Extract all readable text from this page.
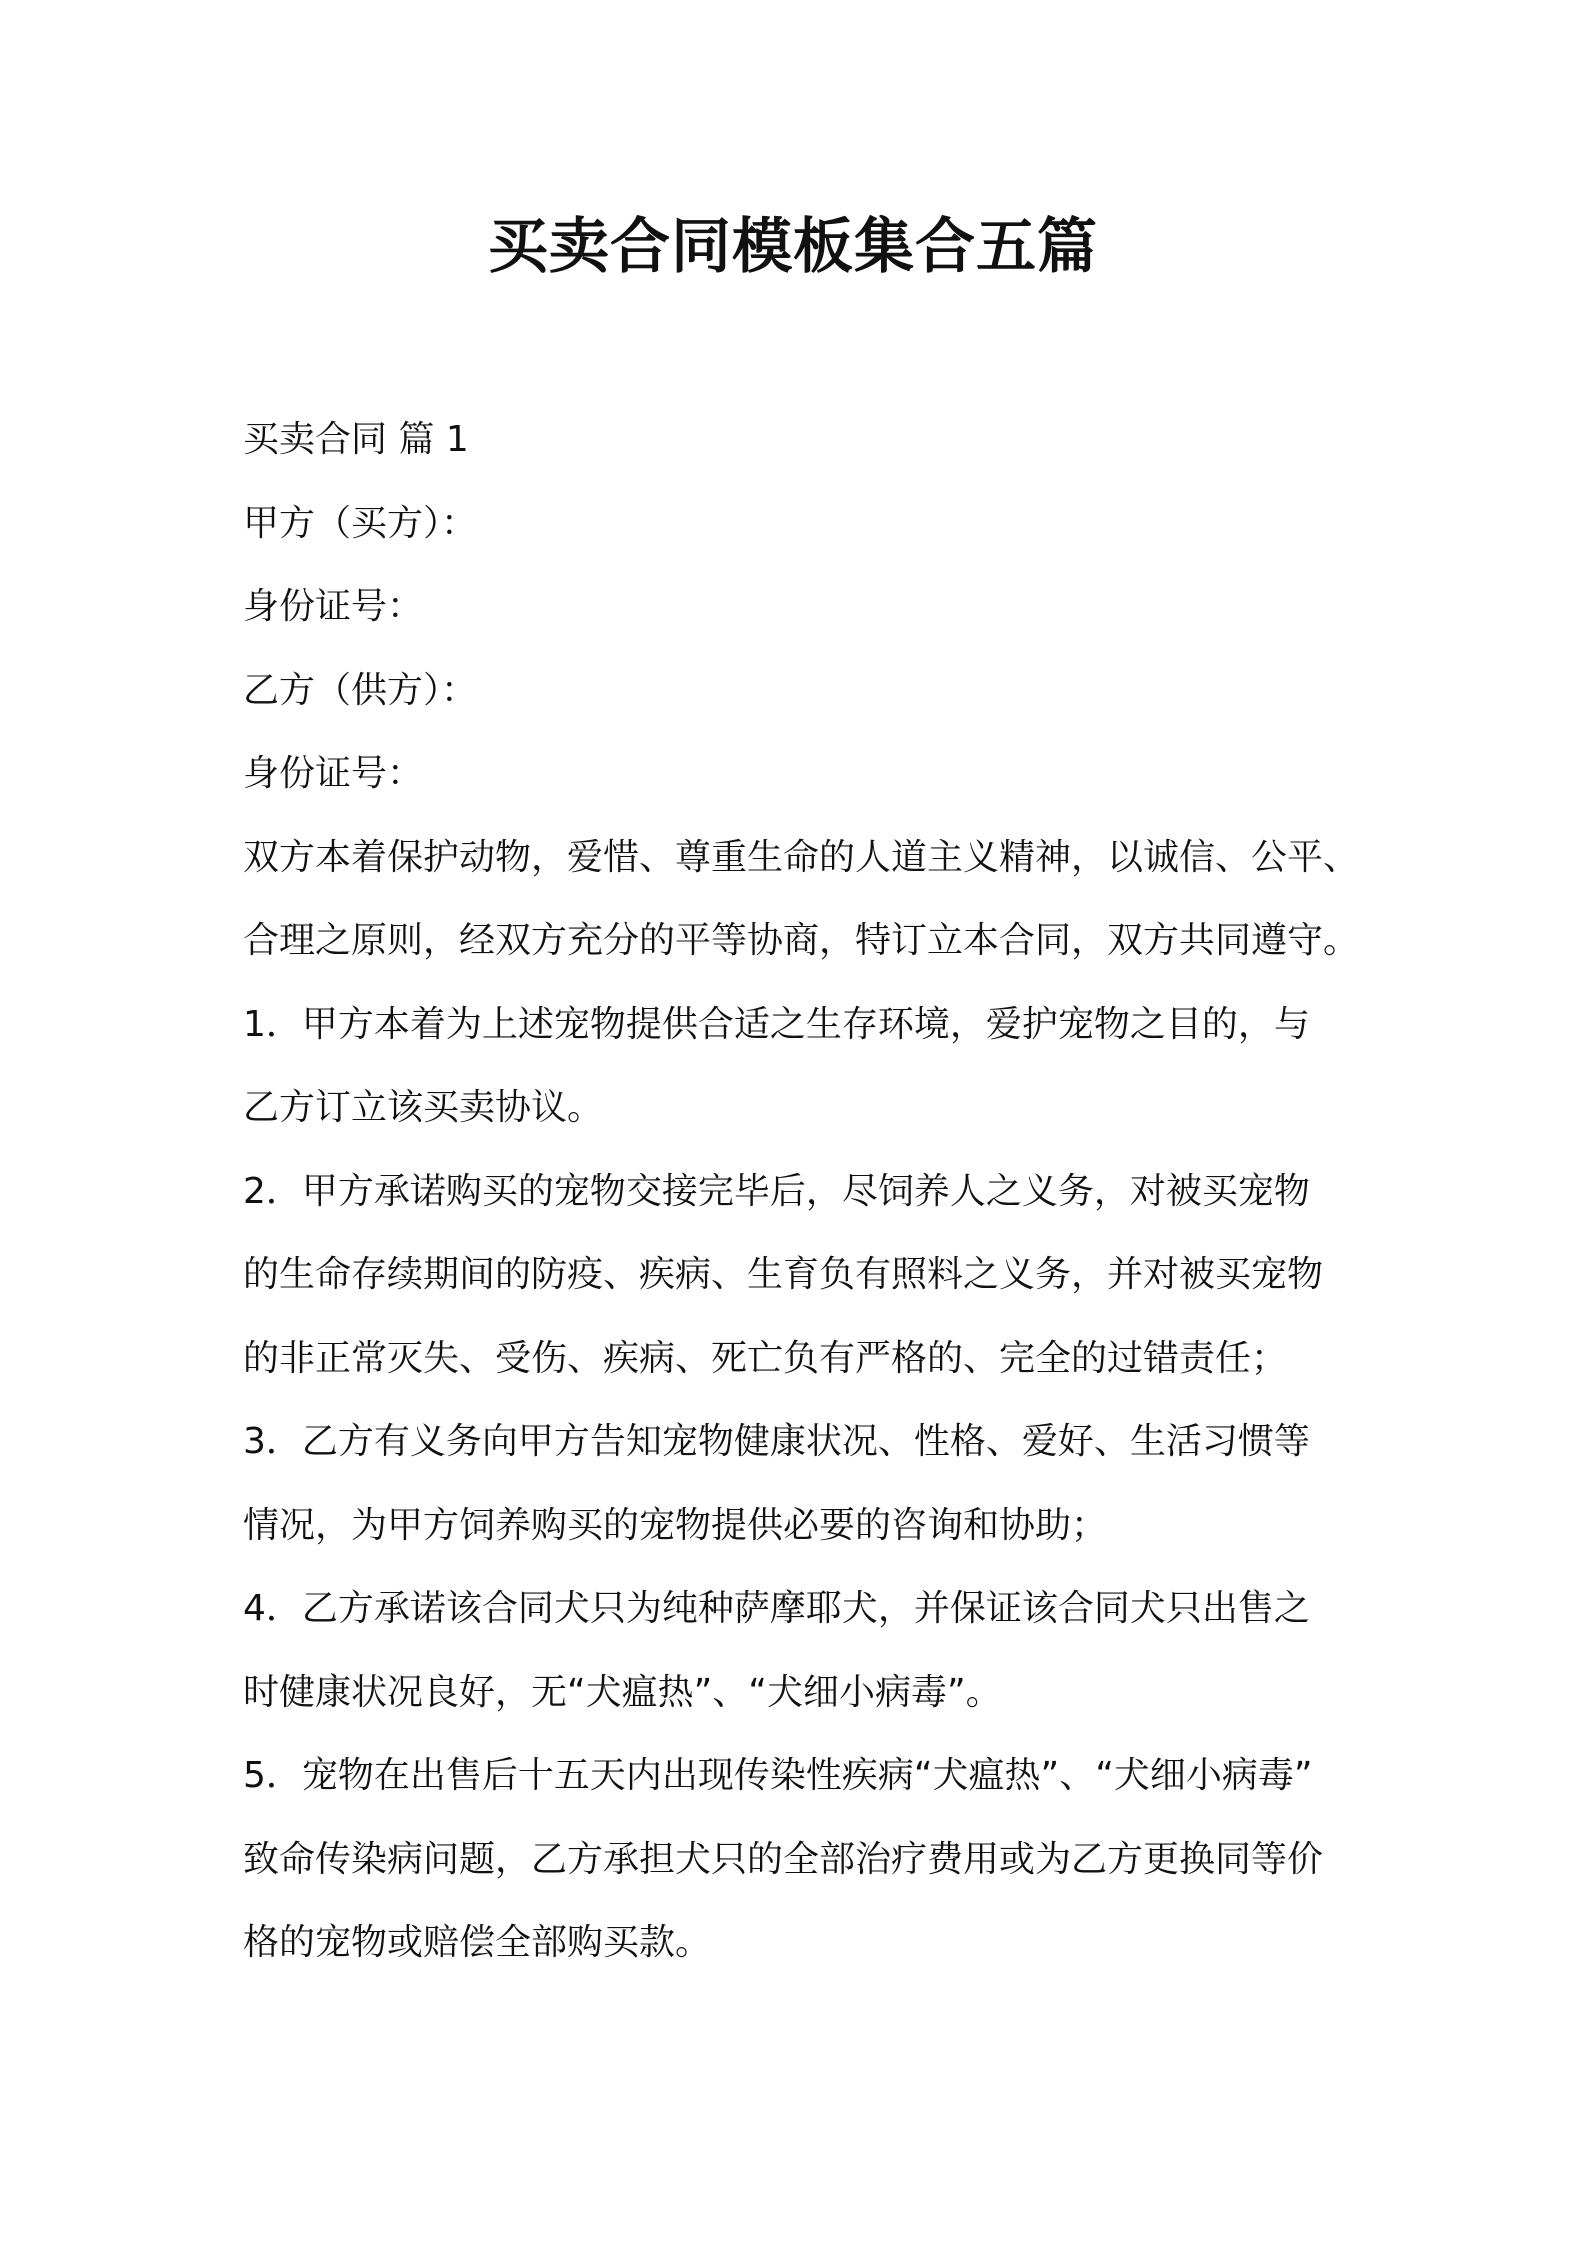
买卖合同模板集合五篇
买卖合同 篇 1
甲方（买方）：
身份证号：
乙方（供方）：
身份证号：
双方本着保护动物，爱惜、尊重生命的人道主义精神，以诚信、公平、
合理之原则，经双方充分的平等协商，特订立本合同，双方共同遵守。
1．甲方本着为上述宠物提供合适之生存环境，爱护宠物之目的，与
乙方订立该买卖协议。
2．甲方承诺购买的宠物交接完毕后，尽饲养人之义务，对被买宠物
的生命存续期间的防疫、疾病、生育负有照料之义务，并对被买宠物
的非正常灭失、受伤、疾病、死亡负有严格的、完全的过错责任；
3．乙方有义务向甲方告知宠物健康状况、性格、爱好、生活习惯等
情况，为甲方饲养购买的宠物提供必要的咨询和协助；
4．乙方承诺该合同犬只为纯种萨摩耶犬，并保证该合同犬只出售之
时健康状况良好，无“犬瘟热”、“犬细小病毒”。
5．宠物在出售后十五天内出现传染性疾病“犬瘟热”、“犬细小病毒”
致命传染病问题，乙方承担犬只的全部治疗费用或为乙方更换同等价
格的宠物或赔偿全部购买款。
